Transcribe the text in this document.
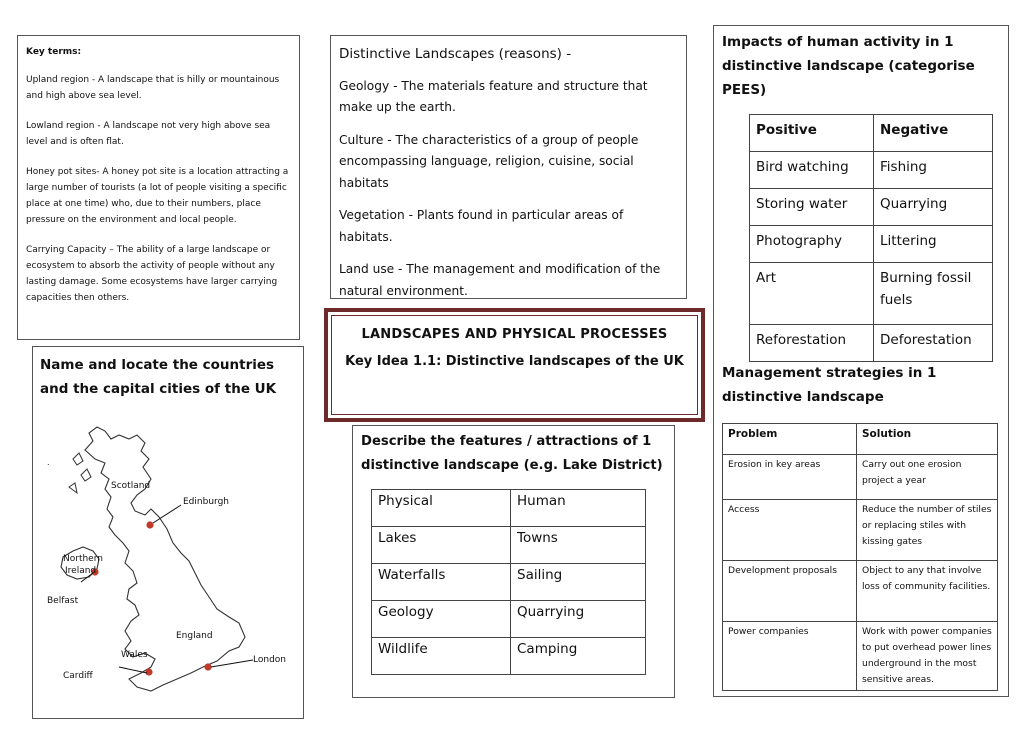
Key terms:

Upland region - A landscape that is hilly or mountainous and high above sea level.

Lowland region - A landscape not very high above sea level and is often flat.

Honey pot sites- A honey pot site is a location attracting a large number of tourists (a lot of people visiting a specific place at one time) who, due to their numbers, place pressure on the environment and local people.

Carrying Capacity – The ability of a large landscape or ecosystem to absorb the activity of people without any lasting damage. Some ecosystems have larger carrying capacities then others.

Distinctive Landscapes (reasons) -

Geology - The materials feature and structure that make up the earth.

Culture - The characteristics of a group of people encompassing language, religion, cuisine, social habitats

Vegetation - Plants found in particular areas of habitats.

Land use - The management and modification of the natural environment.

LANDSCAPES AND PHYSICAL PROCESSES

Key Idea 1.1: Distinctive landscapes of the UK

Name and locate the countries and the capital cities of the UK

.
Scotland
Edinburgh
Northern
Ireland
Belfast
England
Wales	London
Cardiff

Describe the features / attractions of 1 distinctive landscape (e.g. Lake District)

Physical	Human
Lakes	Towns
Waterfalls	Sailing
Geology	Quarrying
Wildlife	Camping

Impacts of human activity in 1 distinctive landscape (categorise PEES)

Positive	Negative
Bird watching	Fishing
Storing water	Quarrying
Photography	Littering
Art	Burning fossil fuels
Reforestation	Deforestation

Management strategies in 1 distinctive landscape

Problem	Solution
Erosion in key areas	Carry out one erosion project a year
Access	Reduce the number of stiles or replacing stiles with kissing gates
Development proposals	Object to any that involve loss of community facilities.
Power companies	Work with power companies to put overhead power lines underground in the most sensitive areas.
